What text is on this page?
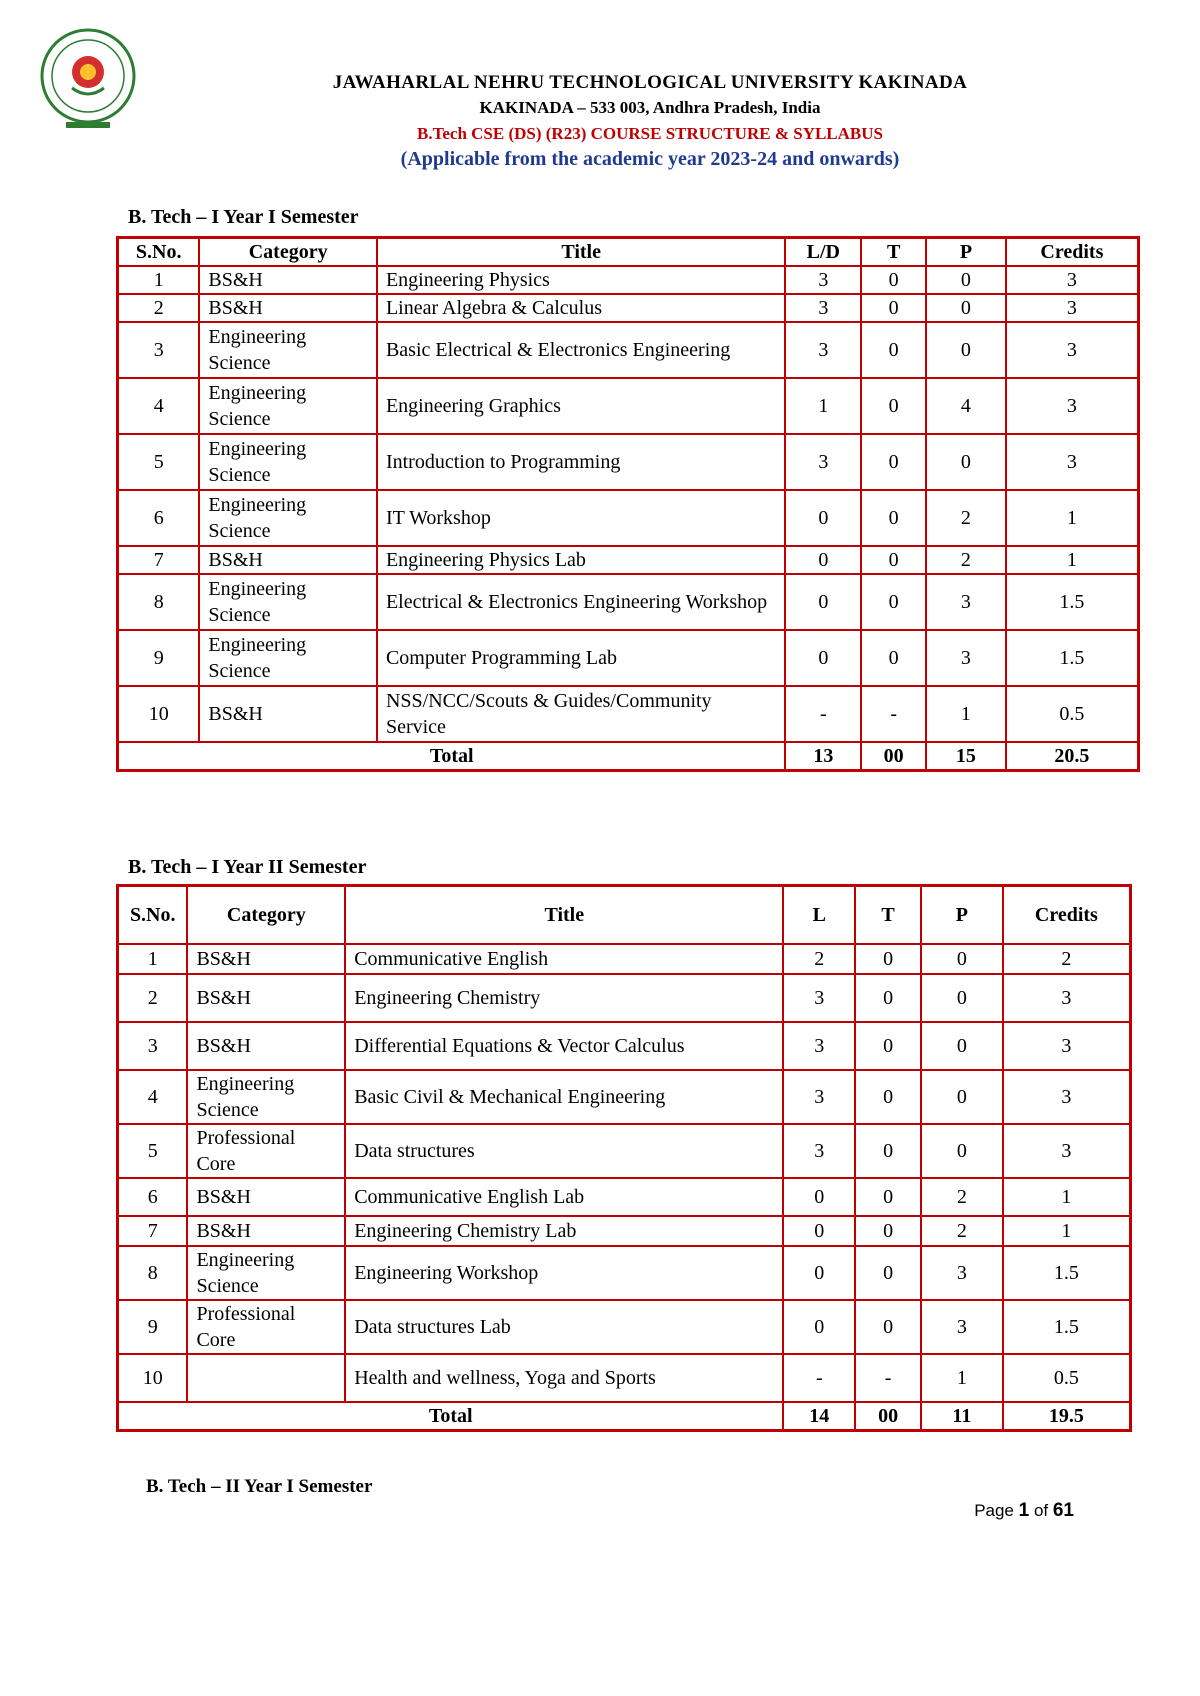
JAWAHARLAL NEHRU TECHNOLOGICAL UNIVERSITY KAKINADA
KAKINADA – 533 003, Andhra Pradesh, India
B.Tech CSE (DS) (R23) COURSE STRUCTURE & SYLLABUS
(Applicable from the academic year 2023-24 and onwards)
B. Tech – I Year I Semester
S.No.	Category	Title	L/D	T	P	Credits
1	BS&H	Engineering Physics	3	0	0	3
2	BS&H	Linear Algebra & Calculus	3	0	0	3
3	Engineering Science	Basic Electrical & Electronics Engineering	3	0	0	3
4	Engineering Science	Engineering Graphics	1	0	4	3
5	Engineering Science	Introduction to Programming	3	0	0	3
6	Engineering Science	IT Workshop	0	0	2	1
7	BS&H	Engineering Physics Lab	0	0	2	1
8	Engineering Science	Electrical & Electronics Engineering Workshop	0	0	3	1.5
9	Engineering Science	Computer Programming Lab	0	0	3	1.5
10	BS&H	NSS/NCC/Scouts & Guides/Community Service	-	-	1	0.5
Total			13	00	15	20.5
B. Tech – I Year II Semester
S.No.	Category	Title	L	T	P	Credits
1	BS&H	Communicative English	2	0	0	2
2	BS&H	Engineering Chemistry	3	0	0	3
3	BS&H	Differential Equations & Vector Calculus	3	0	0	3
4	Engineering Science	Basic Civil & Mechanical Engineering	3	0	0	3
5	Professional Core	Data structures	3	0	0	3
6	BS&H	Communicative English Lab	0	0	2	1
7	BS&H	Engineering Chemistry Lab	0	0	2	1
8	Engineering Science	Engineering Workshop	0	0	3	1.5
9	Professional Core	Data structures Lab	0	0	3	1.5
10		Health and wellness, Yoga and Sports	-	-	1	0.5
Total			14	00	11	19.5
B. Tech – II Year I Semester
Page 1 of 61
